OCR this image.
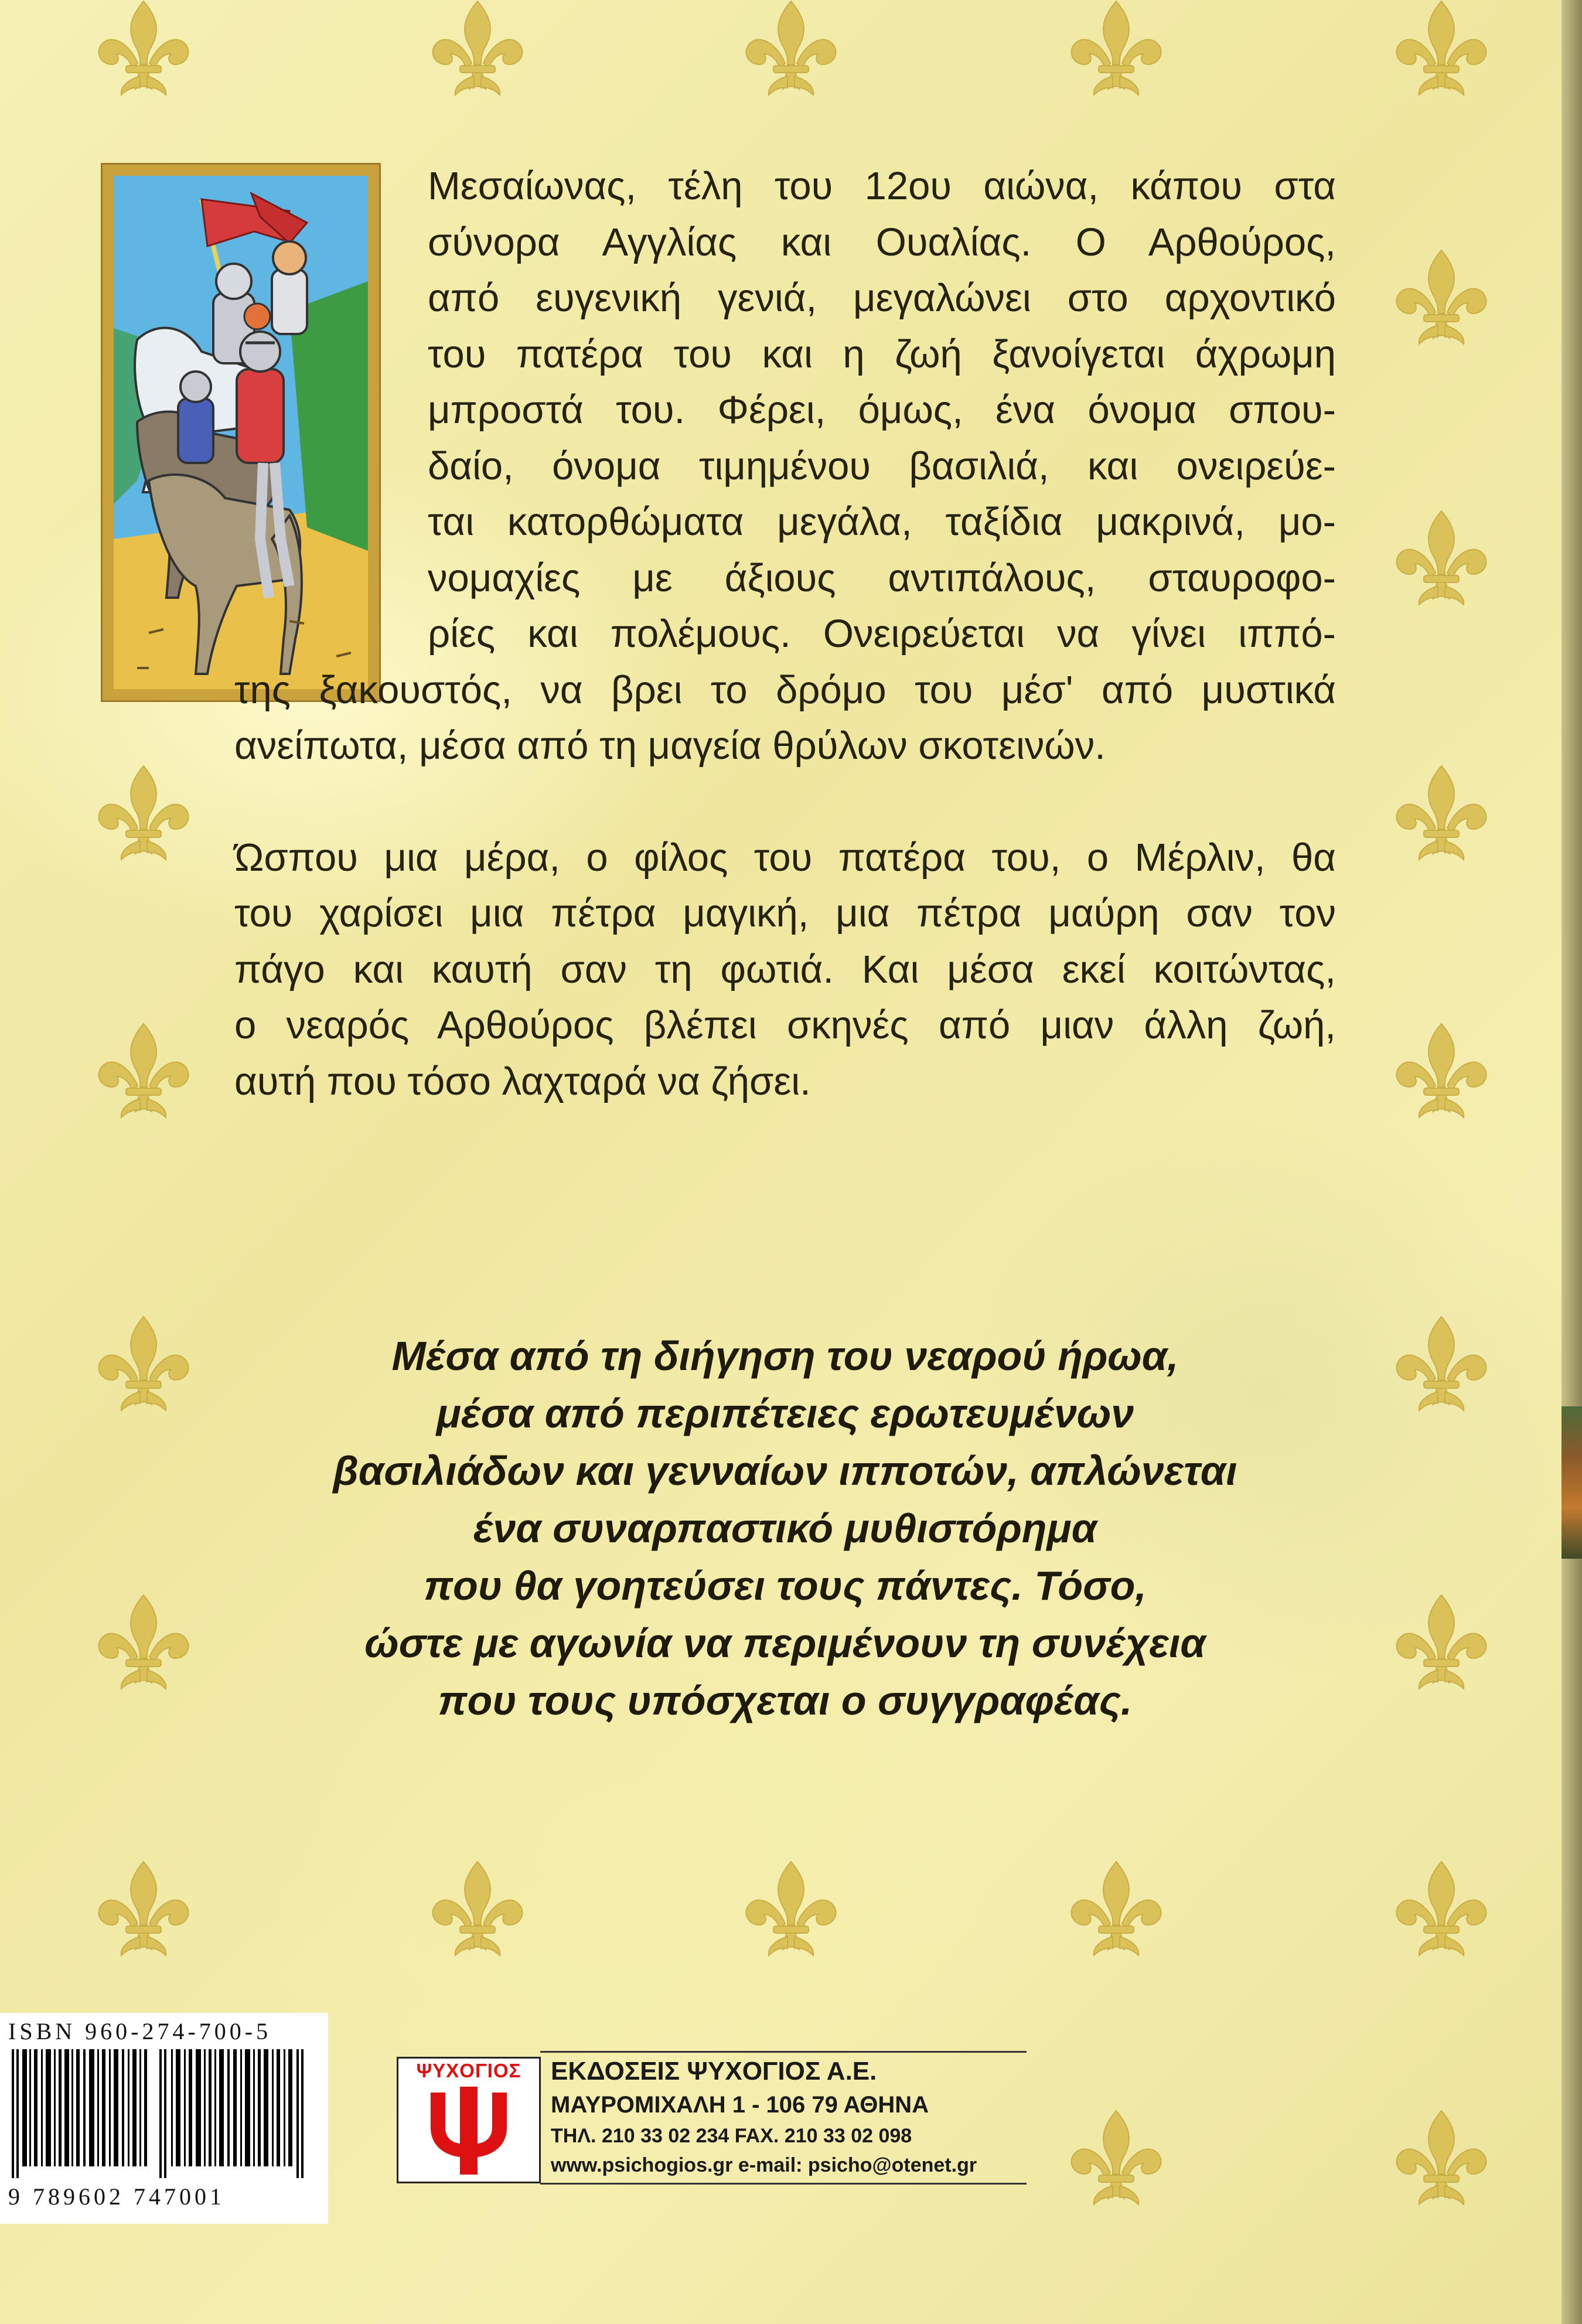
Μεσαίωνας, τέλη του 12ου αιώνα, κάπου στα
σύνορα Αγγλίας και Ουαλίας. Ο Αρθούρος,
από ευγενική γενιά, μεγαλώνει στο αρχοντικό
του πατέρα του και η ζωή ξανοίγεται άχρωμη
μπροστά του. Φέρει, όμως, ένα όνομα σπου-
δαίο, όνομα τιμημένου βασιλιά, και ονειρεύε-
ται κατορθώματα μεγάλα, ταξίδια μακρινά, μο-
νομαχίες με άξιους αντιπάλους, σταυροφο-
ρίες και πολέμους. Ονειρεύεται να γίνει ιππό-
της ξακουστός, να βρει το δρόμο του μέσ' από μυστικά
ανείπωτα, μέσα από τη μαγεία θρύλων σκοτεινών.
Ώσπου μια μέρα, ο φίλος του πατέρα του, ο Μέρλιν, θα
του χαρίσει μια πέτρα μαγική, μια πέτρα μαύρη σαν τον
πάγο και καυτή σαν τη φωτιά. Και μέσα εκεί κοιτώντας,
ο νεαρός Αρθούρος βλέπει σκηνές από μιαν άλλη ζωή,
αυτή που τόσο λαχταρά να ζήσει.
Μέσα από τη διήγηση του νεαρού ήρωα,
μέσα από περιπέτειες ερωτευμένων
βασιλιάδων και γενναίων ιπποτών, απλώνεται
ένα συναρπαστικό μυθιστόρημα
που θα γοητεύσει τους πάντες. Τόσο,
ώστε με αγωνία να περιμένουν τη συνέχεια
που τους υπόσχεται ο συγγραφέας.
ISBN 960-274-700-5
9 789602 747001
ΨΥΧΟΓΙΟΣ	ΕΚΔΟΣΕΙΣ ΨΥΧΟΓΙΟΣ Α.Ε.
ΜΑΥΡΟΜΙΧΑΛΗ 1 - 106 79 ΑΘΗΝΑ
ΤΗΛ. 210 33 02 234 FAX. 210 33 02 098
www.psichogios.gr e-mail: psicho@otenet.gr
